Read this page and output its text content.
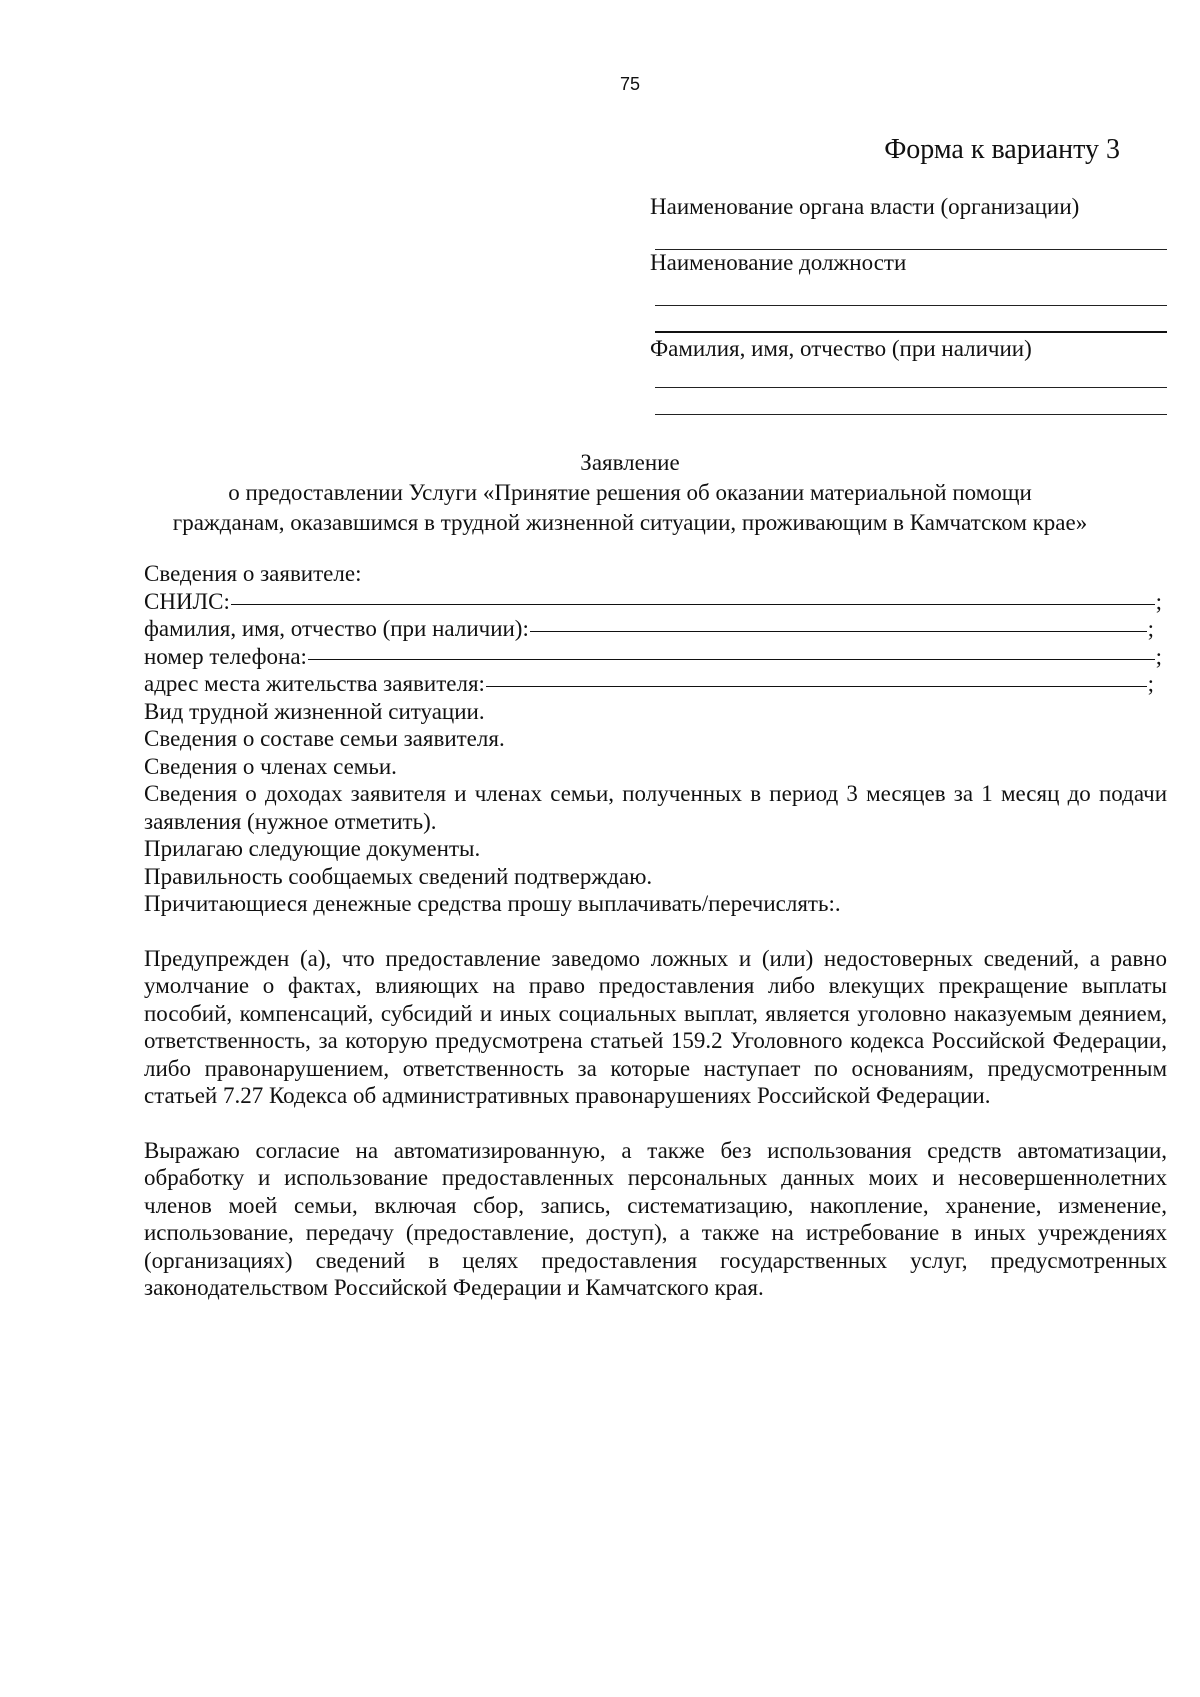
75
Форма к варианту 3
Наименование органа власти (организации)
Наименование должности
Фамилия, имя, отчество (при наличии)
Заявление
о предоставлении Услуги «Принятие решения об оказании материальной помощи
гражданам, оказавшимся в трудной жизненной ситуации, проживающим в Камчатском крае»
Сведения о заявителе:
СНИЛС:	;
фамилия, имя, отчество (при наличии):	;
номер телефона:	;
адрес места жительства заявителя:	;
Вид трудной жизненной ситуации.
Сведения о составе семьи заявителя.
Сведения о членах семьи.
Сведения о доходах заявителя и членах семьи, полученных в период 3 месяцев за 1 месяц до подачи заявления (нужное отметить).
Прилагаю следующие документы.
Правильность сообщаемых сведений подтверждаю.
Причитающиеся денежные средства прошу выплачивать/перечислять:.
Предупрежден (а), что предоставление заведомо ложных и (или) недостоверных сведений, а равно умолчание о фактах, влияющих на право предоставления либо влекущих прекращение выплаты пособий, компенсаций, субсидий и иных социальных выплат, является уголовно наказуемым деянием, ответственность, за которую предусмотрена статьей 159.2 Уголовного кодекса Российской Федерации, либо правонарушением, ответственность за которые наступает по основаниям, предусмотренным статьей 7.27 Кодекса об административных правонарушениях Российской Федерации.
Выражаю согласие на автоматизированную, а также без использования средств автоматизации, обработку и использование предоставленных персональных данных моих и несовершеннолетних членов моей семьи, включая сбор, запись, систематизацию, накопление, хранение, изменение, использование, передачу (предоставление, доступ), а также на истребование в иных учреждениях (организациях) сведений в целях предоставления государственных услуг, предусмотренных законодательством Российской Федерации и Камчатского края.
